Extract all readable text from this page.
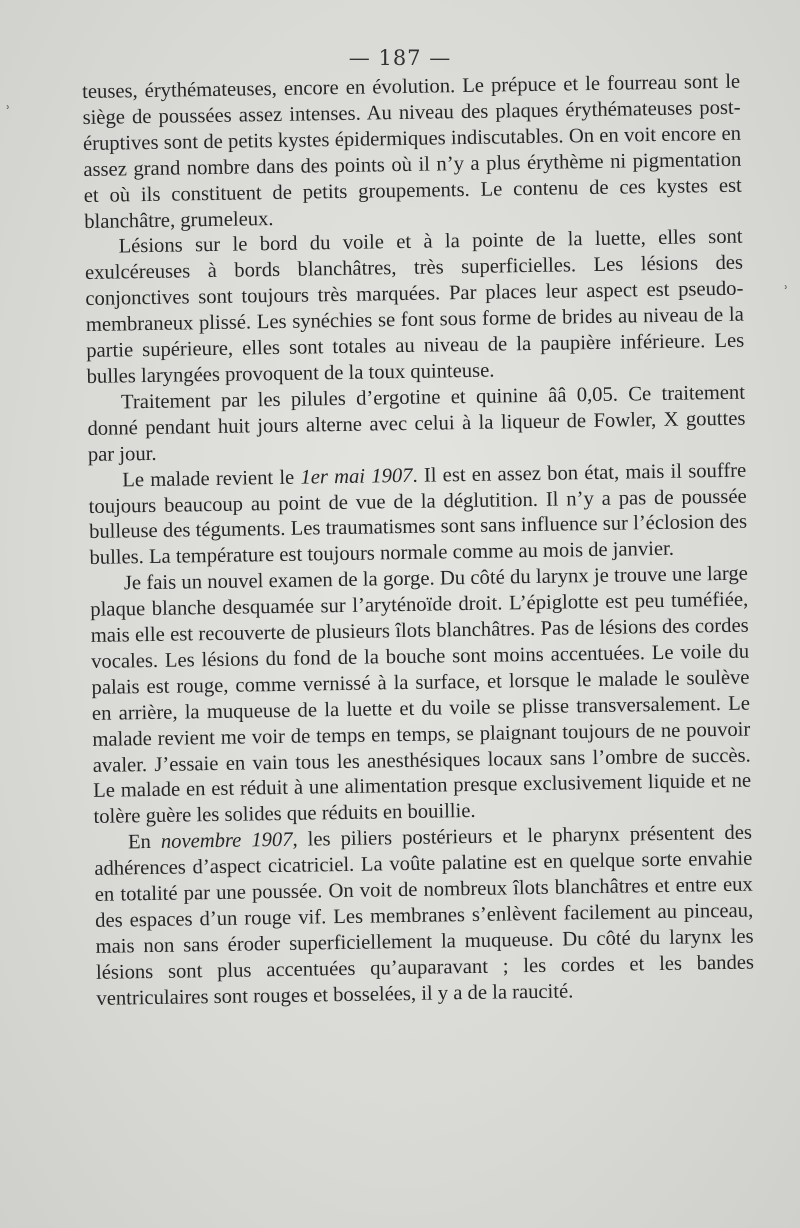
— 187 —
ʾ
ʾ

teuses, érythémateuses, encore en évolution. Le prépuce et le fourreau sont le siège de poussées assez intenses. Au niveau des plaques érythémateuses post-éruptives sont de petits kystes épidermiques indiscutables. On en voit encore en assez grand nombre dans des points où il n’y a plus érythème ni pigmentation et où ils constituent de petits groupements. Le contenu de ces kystes est blanchâtre, grumeleux.

Lésions sur le bord du voile et à la pointe de la luette, elles sont exulcéreuses à bords blanchâtres, très superficielles. Les lésions des conjonctives sont toujours très marquées. Par places leur aspect est pseudo-membraneux plissé. Les synéchies se font sous forme de brides au niveau de la partie supérieure, elles sont totales au niveau de la paupière inférieure. Les bulles laryngées provoquent de la toux quinteuse.

Traitement par les pilules d’ergotine et quinine ââ 0,05. Ce traitement donné pendant huit jours alterne avec celui à la liqueur de Fowler, X gouttes par jour.

Le malade revient le 1er mai 1907. Il est en assez bon état, mais il souffre toujours beaucoup au point de vue de la déglutition. Il n’y a pas de poussée bulleuse des téguments. Les traumatismes sont sans influence sur l’éclosion des bulles. La température est toujours normale comme au mois de janvier.

Je fais un nouvel examen de la gorge. Du côté du larynx je trouve une large plaque blanche desquamée sur l’aryténoïde droit. L’épiglotte est peu tuméfiée, mais elle est recouverte de plusieurs îlots blanchâtres. Pas de lésions des cordes vocales. Les lésions du fond de la bouche sont moins accentuées. Le voile du palais est rouge, comme vernissé à la surface, et lorsque le malade le soulève en arrière, la muqueuse de la luette et du voile se plisse transversalement. Le malade revient me voir de temps en temps, se plaignant toujours de ne pouvoir avaler. J’essaie en vain tous les anesthésiques locaux sans l’ombre de succès. Le malade en est réduit à une alimentation presque exclusivement liquide et ne tolère guère les solides que réduits en bouillie.

En novembre 1907, les piliers postérieurs et le pharynx présentent des adhérences d’aspect cicatriciel. La voûte palatine est en quelque sorte envahie en totalité par une poussée. On voit de nombreux îlots blanchâtres et entre eux des espaces d’un rouge vif. Les membranes s’enlèvent facilement au pinceau, mais non sans éroder superficiellement la muqueuse. Du côté du larynx les lésions sont plus accentuées qu’auparavant ; les cordes et les bandes ventriculaires sont rouges et bosselées, il y a de la raucité.
